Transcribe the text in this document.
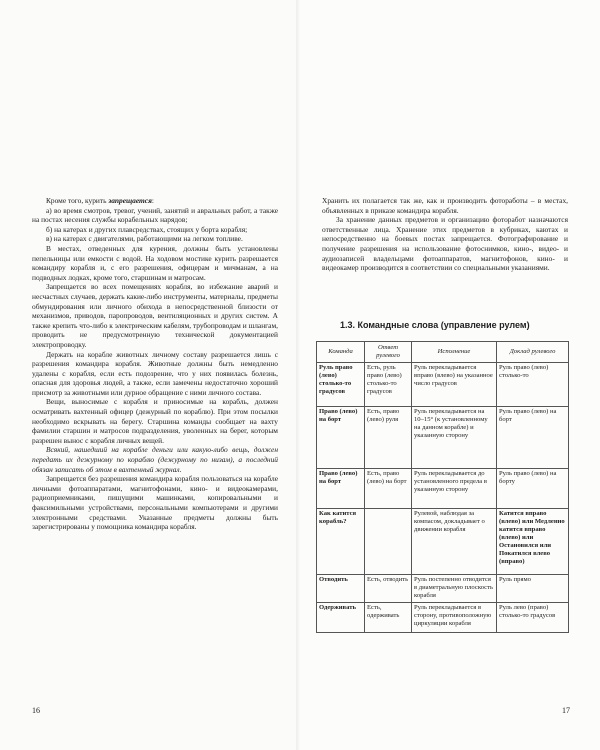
Кроме того, курить запрещается:

а) во время смотров, тревог, учений, занятий и авральных работ, а также на постах несения службы корабельных нарядов;

б) на катерах и других плавсредствах, стоящих у борта корабля;

в) на катерах с двигателями, работающими на легком топливе.

В местах, отведенных для курения, должны быть установлены пепельницы или емкости с водой. На ходовом мостике курить разрешается командиру корабля и, с его разрешения, офицерам и мичманам, а на подводных лодках, кроме того, старшинам и матросам.

Запрещается во всех помещениях корабля, во избежание аварий и несчастных случаев, держать какие-либо инструменты, материалы, предметы обмундирования или личного обихода в непосредственной близости от механизмов, приводов, паропроводов, вентиляционных и других систем. А также крепить что-либо к электрическим кабелям, трубопроводам и шлангам, проводить не предусмотренную технической документацией электропроводку.

Держать на корабле животных личному составу разрешается лишь с разрешения командира корабля. Животные должны быть немедленно удалены с корабля, если есть подозрение, что у них появилась болезнь, опасная для здоровья людей, а также, если замечены недостаточно хороший присмотр за животными или дурное обращение с ними личного состава.

Вещи, выносимые с корабля и приносимые на корабль, должен осматривать вахтенный офицер (дежурный по кораблю). При этом посылки необходимо вскрывать на берегу. Старшина команды сообщает на вахту фамилии старшин и матросов подразделения, уволенных на берег, которым разрешен вынос с корабля личных вещей.

Всякий, нашедший на корабле деньги или какую-либо вещь, должен передать их дежурному по кораблю (дежурному по низам), а последний обязан записать об этом в вахтенный журнал.

Запрещается без разрешения командира корабля пользоваться на корабле личными фотоаппаратами, магнитофонами, кино- и видеокамерами, радиоприемниками, пишущими машинками, копировальными и факсимильными устройствами, персональными компьютерами и другими электронными средствами. Указанные предметы должны быть зарегистрированы у помощника командира корабля.

16

Хранить их полагается так же, как и производить фотоработы – в местах, объявленных в приказе командира корабля.

За хранение данных предметов и организацию фоторабот назначаются ответственные лица. Хранение этих предметов в кубриках, каютах и непосредственно на боевых постах запрещается. Фотографирование и получение разрешения на использование фотоснимков, кино-, видео- и аудиозаписей владельцами фотоаппаратов, магнитофонов, кино- и видеокамер производится в соответствии со специальными указаниями.

1.3. Командные слова (управление рулем)
Команда	Ответ рулевого	Исполнение	Доклад рулевого
Руль право (лево) столько-то градусов	Есть, руль право (лево) столько-то градусов	Руль перекладывается вправо (влево) на указанное число градусов	Руль право (лево) столько-то
Право (лево) на борт	Есть, право (лево) руля	Руль перекладывается на 10–15° (к установленному на данном корабле) и указанную сторону	Руль право (лево) на борт
Право (лево) на борт	Есть, право (лево) на борт	Руль перекладывается до установленного предела в указанную сторону	Руль право (лево) на борту
Как катится корабль?		Рулевой, наблюдая за компасом, докладывает о движении корабля	Катится вправо (влево) или Медленно катится вправо (влево) или Остановился или Покатился влево (вправо)
Отводить	Есть, отводить	Руль постепенно отводится в диаметральную плоскость корабля	Руль прямо
Одерживать	Есть, одерживать	Руль перекладывается в сторону, противоположную циркуляции корабля	Руль лево (право) столько-то градусов
17
